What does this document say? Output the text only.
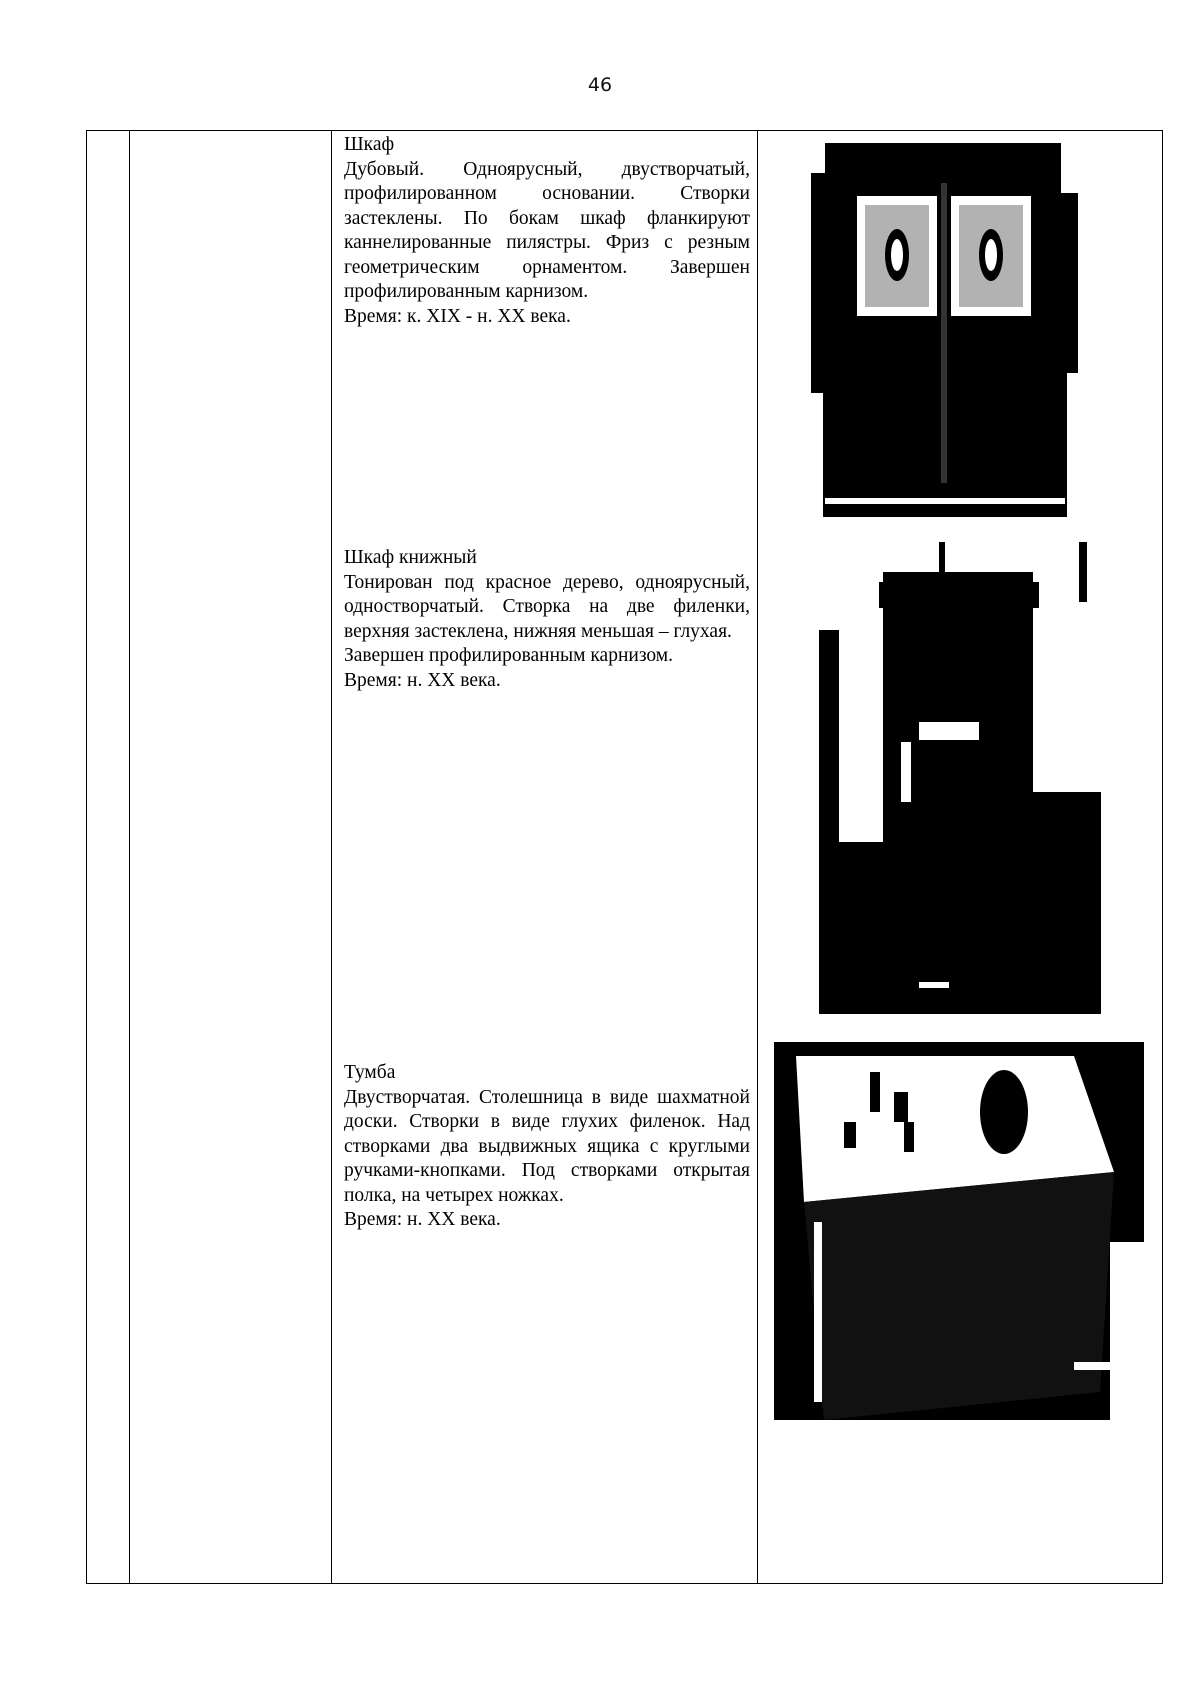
46

Шкаф

Дубовый. Одноярусный, двустворчатый, профилированном основании. Створки застеклены. По бокам шкаф фланкируют каннелированные пилястры. Фриз с резным геометрическим орнаментом. Завершен профилированным карнизом.

Время: к. XIX - н. XX века.

Шкаф книжный

Тонирован под красное дерево, одноярусный, одностворчатый. Створка на две филенки, верхняя застеклена, нижняя меньшая – глухая.

Завершен профилированным карнизом.

Время: н. XX века.

Тумба

Двустворчатая. Столешница в виде шахматной доски. Створки в виде глухих филенок. Над створками два выдвижных ящика с круглыми ручками-кнопками. Под створками открытая полка, на четырех ножках.

Время: н. XX века.
